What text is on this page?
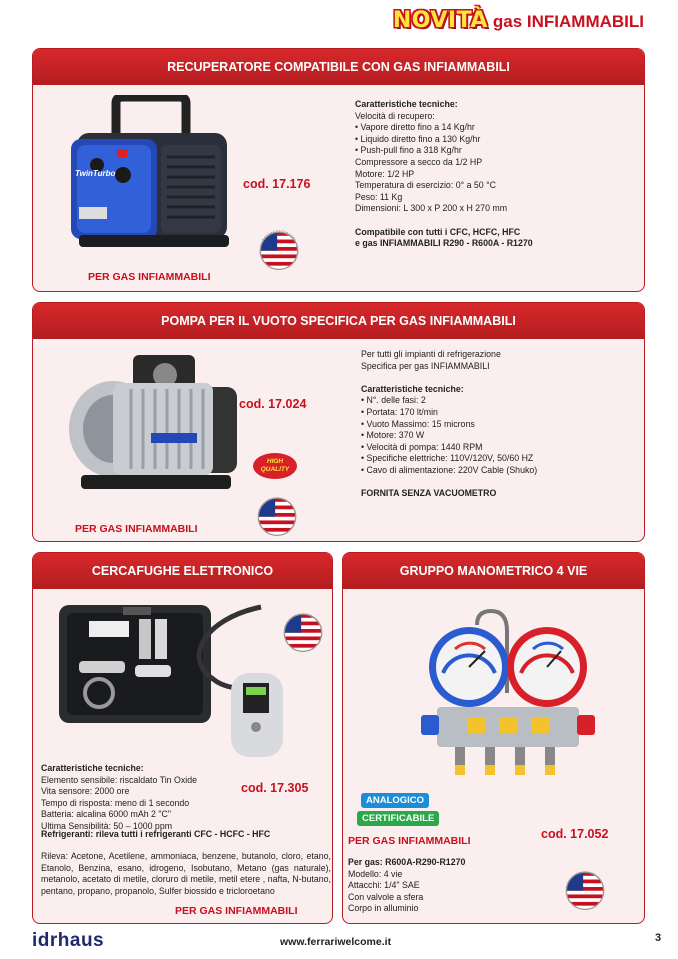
NOVITÀ gas INFIAMMABILI
RECUPERATORE COMPATIBILE CON GAS INFIAMMABILI
TwinTurbo
cod. 17.176
PER GAS INFIAMMABILI
Caratteristiche tecniche:
Velocità di recupero:
• Vapore diretto fino a 14 Kg/hr
• Liquido diretto fino a 130 Kg/hr
• Push-pull fino a 318 Kg/hr
Compressore a secco da 1/2 HP
Motore: 1/2 HP
Temperatura di esercizio: 0° a 50 °C
Peso: 11 Kg
Dimensioni: L 300 x P 200 x H 270 mm
Compatibile con tutti i CFC, HCFC, HFC
e gas INFIAMMABILI R290 - R600A - R1270
POMPA PER IL VUOTO SPECIFICA PER GAS INFIAMMABILI
cod. 17.024
HIGH
QUALITY
PER GAS INFIAMMABILI
Per tutti gli impianti di refrigerazione
Specifica per gas INFIAMMABILI
Caratteristiche tecniche:
• N°. delle fasi: 2
• Portata: 170 lt/min
• Vuoto Massimo: 15 microns
• Motore: 370 W
• Velocità di pompa: 1440 RPM
• Specifiche elettriche: 110V/120V, 50/60 HZ
• Cavo di alimentazione: 220V Cable (Shuko)
FORNITA SENZA VACUOMETRO
CERCAFUGHE ELETTRONICO
Caratteristiche tecniche:
Elemento sensibile: riscaldato Tin Oxide
Vita sensore: 2000 ore
Tempo di risposta: meno di 1 secondo
Batteria: alcalina 6000 mAh 2 "C"
Ultima Sensibilità: 50 – 1000 ppm
Refrigeranti: rileva tutti i refrigeranti CFC - HCFC - HFC
cod. 17.305
Rileva: Acetone, Acetilene, ammoniaca, benzene, butanolo, cloro, etano, Etanolo, Benzina, esano, idrogeno, Isobutano, Metano (gas naturale), metanolo, acetato di metile, cloruro di metile, metil etere , nafta, N-butano, pentano, propano, propanolo, Sulfer biossido e tricloroetano
PER GAS INFIAMMABILI
GRUPPO MANOMETRICO 4 VIE
ANALOGICO
CERTIFICABILE
PER GAS INFIAMMABILI	cod. 17.052
Per gas: R600A-R290-R1270
Modello: 4 vie
Attacchi: 1/4" SAE
Con valvole a sfera
Corpo in alluminio
idrhaus	www.ferrariwelcome.it	3
